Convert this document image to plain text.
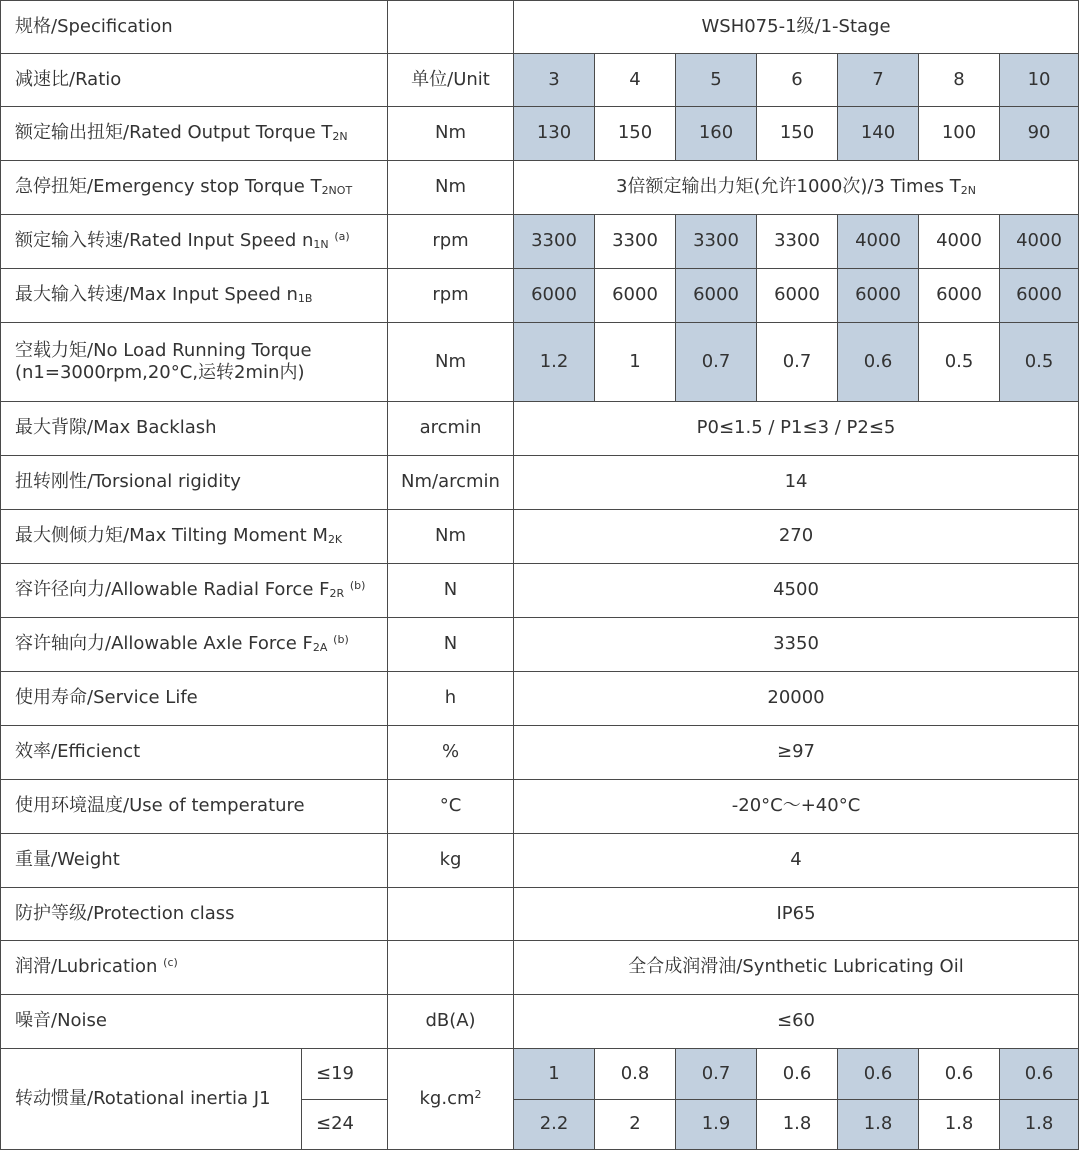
规格/Specification			WSH075-1级/1-Stage						
减速比/Ratio		单位/Unit	3	4	5	6	7	8	10
额定输出扭矩/Rated Output Torque $T_{2N}$		Nm	130	150	160	150	140	100	90
急停扭矩/Emergency stop Torque $T_{2NOT}$		Nm	3倍额定输出力矩(允许1000次)/3 Times $T_{2N}$
额定输入转速/Rated Input Speed $n_{1N}$ $^{(a)}$		rpm	3300	3300	3300	3300	4000	4000	4000
最大输入转速/Max Input Speed $n_{1B}$		rpm	6000	6000	6000	6000	6000	6000	6000

空载力矩/No Load Running Torque
(n1=3000rpm,20°C,运转2min内)		Nm	1.2	1	0.7	0.7	0.6	0.5	0.5
最大背隙/Max Backlash		arcmin	P0≤1.5 / P1≤3 / P2≤5						
扭转刚性/Torsional rigidity		Nm/arcmin	14						
最大侧倾力矩/Max Tilting Moment $M_{2K}$		Nm	270						
容许径向力/Allowable Radial Force $F_{2R}$ $^{(b)}$		N	4500						
容许轴向力/Allowable Axle Force $F_{2A}$ $^{(b)}$		N	3350						
使用寿命/Service Life		h	20000						
效率/Efficienct		%	≥97						
使用环境温度/Use of temperature		°C	-20°C～+40°C						
重量/Weight		kg	4						
防护等级/Protection class			IP65						
润滑/Lubrication $^{(c)}$			全合成润滑油/Synthetic Lubricating Oil						
噪音/Noise		dB(A)	≤60						
转动惯量/Rotational inertia J1	≤19	$kg.cm^2$	1	0.8	0.7	0.6	0.6	0.6	0.6
	≤24		2.2	2	1.9	1.8	1.8	1.8	1.8
